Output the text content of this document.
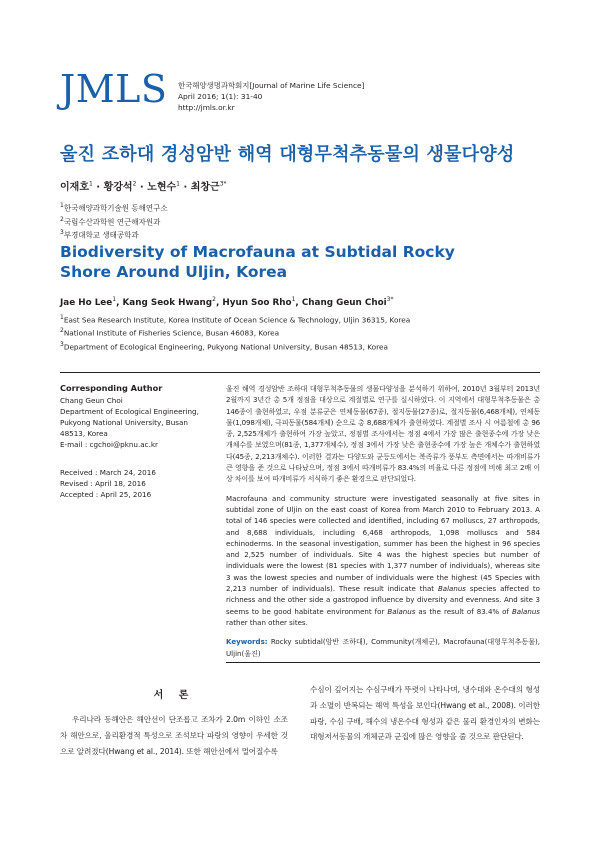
JMLS 한국해양생명과학회지[Journal of Marine Life Science]
April 2016; 1(1): 31-40
http://jmls.or.kr
울진 조하대 경성암반 해역 대형무척추동물의 생물다양성
이재호$^1$ · 황강석$^2$ · 노현수$^1$ · 최창근$^{3*}$
$^1$한국해양과학기술원 동해연구소
$^2$국립수산과학원 연근해자원과
$^3$부경대학교 생태공학과
Biodiversity of Macrofauna at Subtidal Rocky
Shore Around Uljin, Korea
Jae Ho Lee$^1$, Kang Seok Hwang$^2$, Hyun Soo Rho$^1$, Chang Geun Choi$^{3*}$
$^1$East Sea Research Institute, Korea Institute of Ocean Science & Technology, Uljin 36315, Korea
$^2$National Institute of Fisheries Science, Busan 46083, Korea
$^3$Department of Ecological Engineering, Pukyong National University, Busan 48513, Korea
Corresponding Author
Chang Geun Choi
Department of Ecological Engineering,
Pukyong National University, Busan
48513, Korea
E-mail : cgchoi@pknu.ac.kr
Received : March 24, 2016
Revised : April 18, 2016
Accepted : April 25, 2016

울진 해역 경성암반 조하대 대형무척추동물의 생물다양성을 분석하기 위하여, 2010년 3월부터 2013년 2월까지 3년간 총 5개 정점을 대상으로 계절별로 연구를 실시하였다. 이 지역에서 대형무척추동물은 총 146종이 출현하였고, 우점 분류군은 연체동물(67종), 절지동물(27종)로, 절지동물(6,468개체), 연체동물(1,098개체), 극피동물(584개체) 순으로 총 8,688개체가 출현하였다. 계절별 조사 시 여름철에 총 96종, 2,525개체가 출현하여 가장 높았고, 정점별 조사에서는 정점 4에서 가장 많은 출현종수에 가장 낮은 개체수를 보였으며(81종, 1,377개체수), 정점 3에서 가장 낮은 출현종수에 가장 높은 개체수가 출현하였다(45종, 2,213개체수). 이러한 결과는 다양도와 균등도에서는 복족류가 풍부도 측면에서는 따개비류가 큰 영향을 준 것으로 나타났으며, 정점 3에서 따개비류가 83.4%의 비율로 다른 정점에 비해 최고 2배 이상 차이를 보여 따개비류가 서식하기 좋은 환경으로 판단되었다.

Macrofauna and community structure were investigated seasonally at five sites in subtidal zone of Uljin on the east coast of Korea from March 2010 to February 2013. A total of 146 species were collected and identified, including 67 molluscs, 27 arthropods, and 8,688 individuals, including 6,468 arthropods, 1,098 molluscs and 584 echinoderms. In the seasonal investigation, summer has been the highest in 96 species and 2,525 number of individuals. Site 4 was the highest species but number of individuals were the lowest (81 species with 1,377 number of individuals), whereas site 3 was the lowest species and number of individuals were the highest (45 Species with 2,213 number of individuals). These result indicate that Balanus species affected to richness and the other side a gastropod influence by diversity and evenness. And site 3 seems to be good habitate environment for Balanus as the result of 83.4% of Balanus rather than other sites.

Keywords: Rocky subtidal(암반 조하대), Community(개체군), Macrofauna(대형무척추동물), Uljin(울진)

서 론
우리나라 동해안은 해안선이 단조롭고 조차가 2.0m 이하인 소조차 해안으로, 울리환경적 특성으로 조석보다 파랑의 영향이 우세한 것으로 알려졌다(Hwang et al., 2014). 또한 해안선에서 멀어질수록
수심이 깊어지는 수심구배가 뚜렷이 나타나며, 냉수대와 온수대의 형성과 소멸이 반복되는 해역 특성을 보인다(Hwang et al., 2008). 이러한 파랑, 수심 구배, 해수의 냉온수대 형성과 같은 물리 환경인자의 변화는 대형저서동물의 개체군과 군집에 많은 영향을 줄 것으로 판단된다.
